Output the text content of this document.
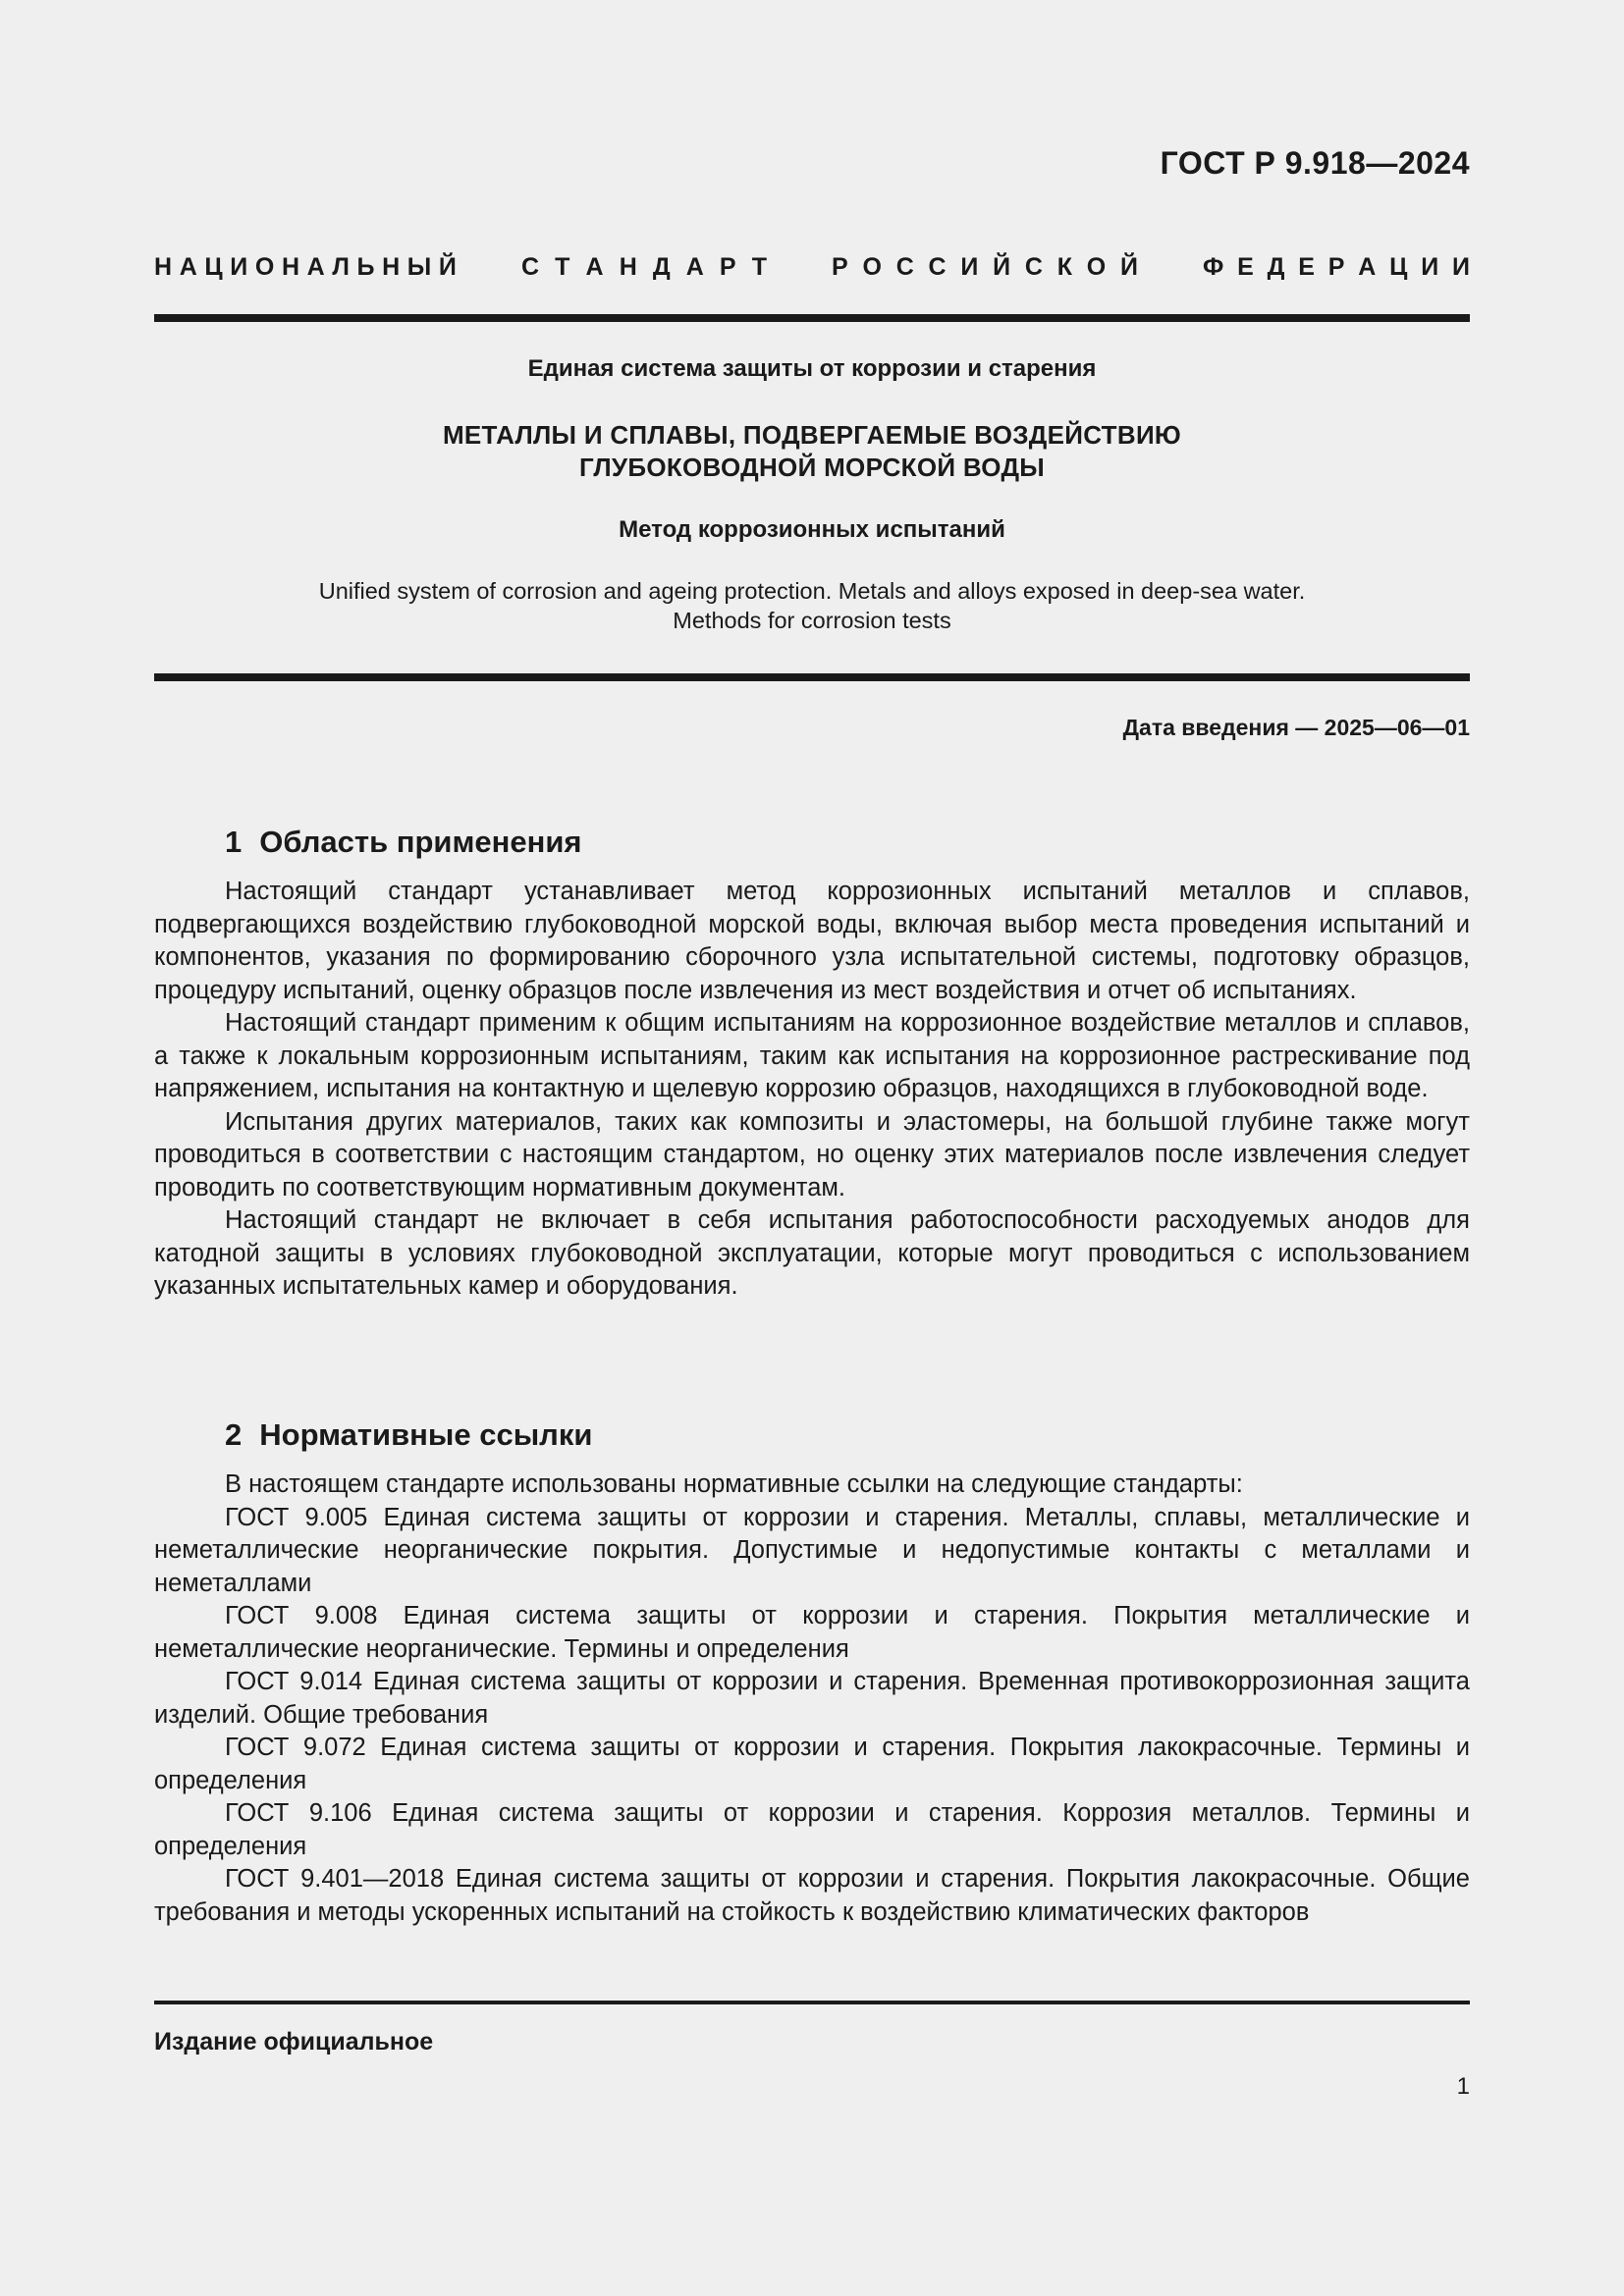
ГОСТ Р 9.918—2024
Н А Ц И О Н А Л Ь Н Ы Й	С Т А Н Д А Р Т	Р О С С И Й С К О Й	Ф Е Д Е Р А Ц И И
Единая система защиты от коррозии и старения
МЕТАЛЛЫ И СПЛАВЫ, ПОДВЕРГАЕМЫЕ ВОЗДЕЙСТВИЮ
ГЛУБОКОВОДНОЙ МОРСКОЙ ВОДЫ
Метод коррозионных испытаний
Unified system of corrosion and ageing protection. Metals and alloys exposed in deep-sea water.
Methods for corrosion tests
Дата введения — 2025—06—01
1 Область применения

Настоящий стандарт устанавливает метод коррозионных испытаний металлов и сплавов, подвергающихся воздействию глубоководной морской воды, включая выбор места проведения испытаний и компонентов, указания по формированию сборочного узла испытательной системы, подготовку образцов, процедуру испытаний, оценку образцов после извлечения из мест воздействия и отчет об испытаниях.

Настоящий стандарт применим к общим испытаниям на коррозионное воздействие металлов и сплавов, а также к локальным коррозионным испытаниям, таким как испытания на коррозионное растрескивание под напряжением, испытания на контактную и щелевую коррозию образцов, находящихся в глубоководной воде.

Испытания других материалов, таких как композиты и эластомеры, на большой глубине также могут проводиться в соответствии с настоящим стандартом, но оценку этих материалов после извлечения следует проводить по соответствующим нормативным документам.

Настоящий стандарт не включает в себя испытания работоспособности расходуемых анодов для катодной защиты в условиях глубоководной эксплуатации, которые могут проводиться с использованием указанных испытательных камер и оборудования.

2 Нормативные ссылки

В настоящем стандарте использованы нормативные ссылки на следующие стандарты:

ГОСТ 9.005 Единая система защиты от коррозии и старения. Металлы, сплавы, металлические и неметаллические неорганические покрытия. Допустимые и недопустимые контакты с металлами и неметаллами

ГОСТ 9.008 Единая система защиты от коррозии и старения. Покрытия металлические и неметаллические неорганические. Термины и определения

ГОСТ 9.014 Единая система защиты от коррозии и старения. Временная противокоррозионная защита изделий. Общие требования

ГОСТ 9.072 Единая система защиты от коррозии и старения. Покрытия лакокрасочные. Термины и определения

ГОСТ 9.106 Единая система защиты от коррозии и старения. Коррозия металлов. Термины и определения

ГОСТ 9.401—2018 Единая система защиты от коррозии и старения. Покрытия лакокрасочные. Общие требования и методы ускоренных испытаний на стойкость к воздействию климатических факторов

Издание официальное
1
